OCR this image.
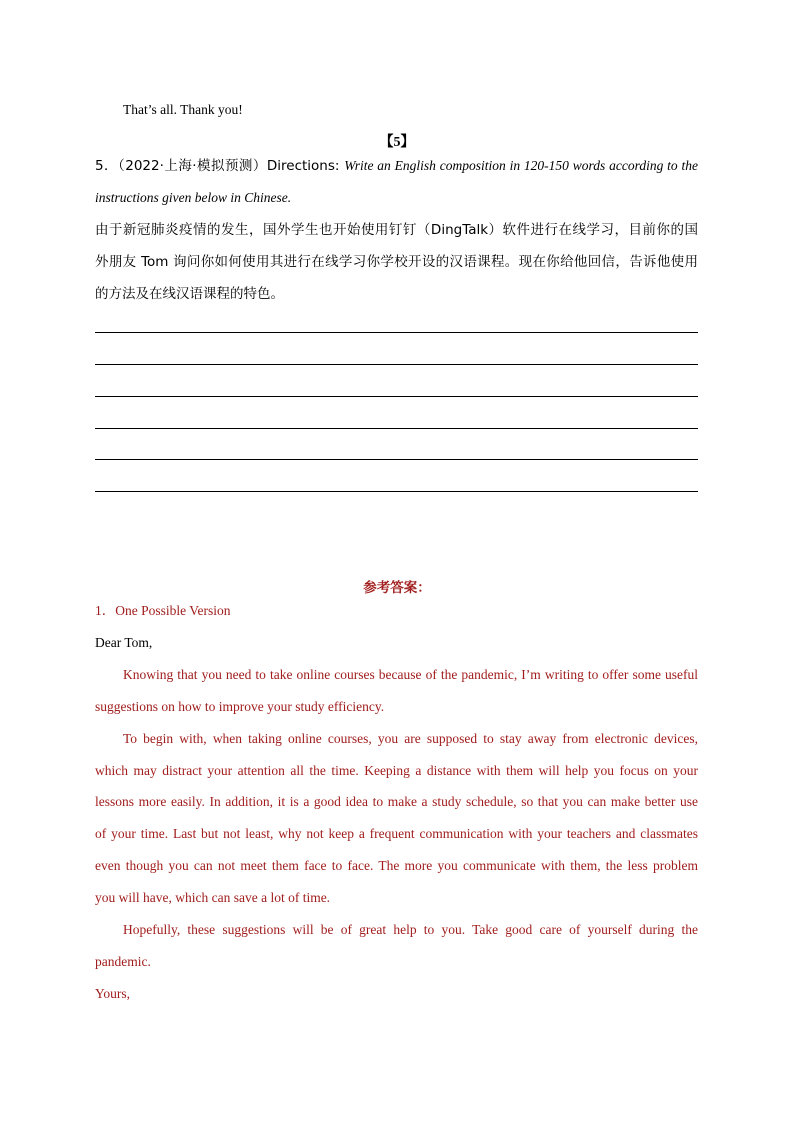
That’s all. Thank you!
【5】
5．（2022·上海·模拟预测）Directions: Write an English composition in 120-150 words according to the
instructions given below in Chinese.
由于新冠肺炎疫情的发生，国外学生也开始使用钉钉（DingTalk）软件进行在线学习，目前你的国
外朋友 Tom 询问你如何使用其进行在线学习你学校开设的汉语课程。现在你给他回信，告诉他使用
的方法及在线汉语课程的特色。
参考答案：
1．One Possible Version
Dear Tom,
Knowing that you need to take online courses because of the pandemic, I’m writing to offer some useful
suggestions on how to improve your study efficiency.
To begin with, when taking online courses, you are supposed to stay away from electronic devices,
which may distract your attention all the time. Keeping a distance with them will help you focus on your
lessons more easily. In addition, it is a good idea to make a study schedule, so that you can make better use
of your time. Last but not least, why not keep a frequent communication with your teachers and classmates
even though you can not meet them face to face. The more you communicate with them, the less problem
you will have, which can save a lot of time.
Hopefully, these suggestions will be of great help to you. Take good care of yourself during the
pandemic.
Yours,
